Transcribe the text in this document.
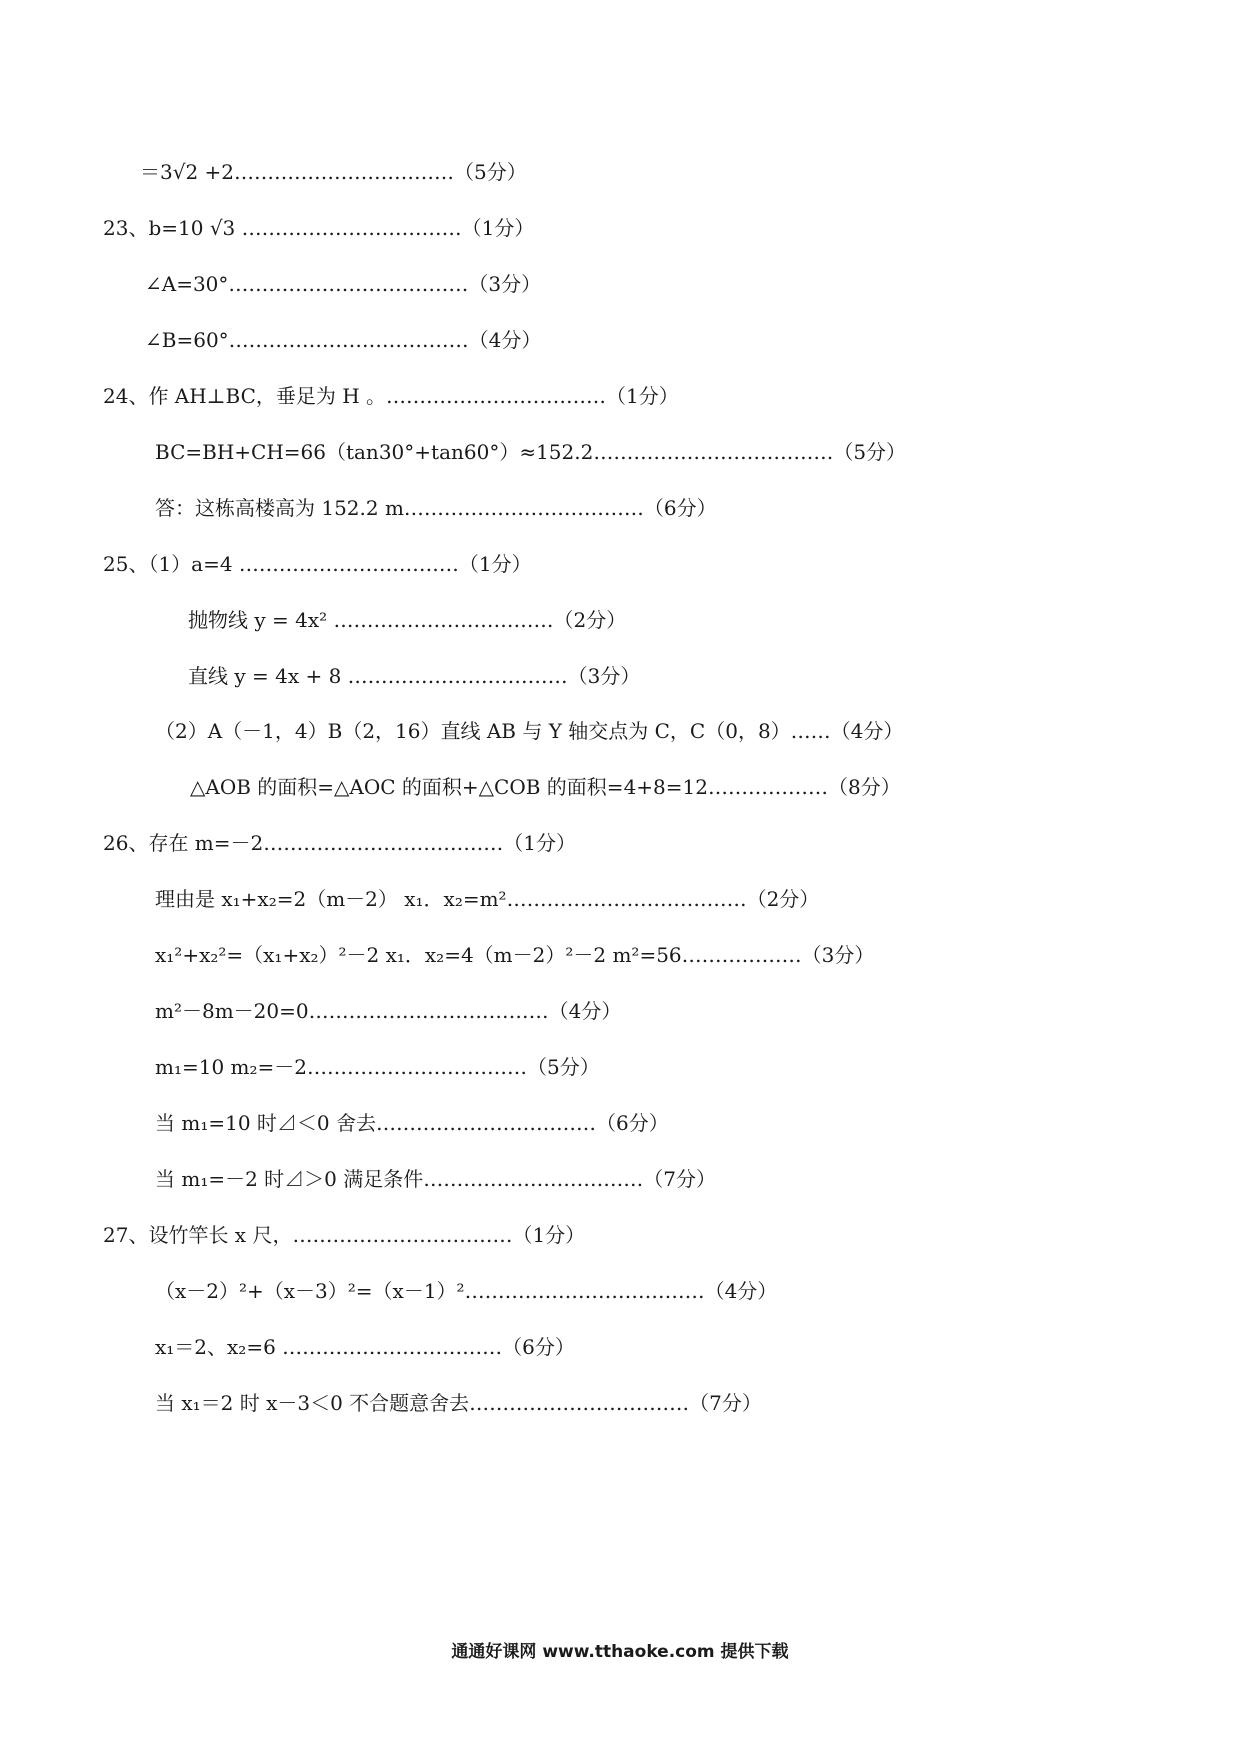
＝3√2 +2……………………………（5分）
23、b=10 √3 ……………………………（1分）
∠A=30°………………………………（3分）
∠B=60°………………………………（4分）
24、作 AH⊥BC，垂足为 H 。……………………………（1分）
BC=BH+CH=66（tan30°+tan60°）≈152.2………………………………（5分）
答：这栋高楼高为 152.2 m………………………………（6分）
25、（1）a=4 ……………………………（1分）
抛物线 y = 4x² ……………………………（2分）
直线 y = 4x + 8 ……………………………（3分）
（2）A（－1，4）B（2，16）直线 AB 与 Y 轴交点为 C，C（0，8）……（4分）
△AOB 的面积=△AOC 的面积+△COB 的面积=4+8=12………………（8分）
26、存在 m=－2………………………………（1分）
理由是 x₁+x₂=2（m－2） x₁．x₂=m²………………………………（2分）
x₁²+x₂²=（x₁+x₂）²－2 x₁．x₂=4（m－2）²－2 m²=56………………（3分）
m²－8m－20=0………………………………（4分）
m₁=10 m₂=－2……………………………（5分）
当 m₁=10 时⊿＜0 舍去……………………………（6分）
当 m₁=－2 时⊿＞0 满足条件……………………………（7分）
27、设竹竿长 x 尺，……………………………（1分）
（x－2）²+（x－3）²=（x－1）²………………………………（4分）
x₁＝2、x₂=6 ……………………………（6分）
当 x₁＝2 时 x－3＜0 不合题意舍去……………………………（7分）
通通好课网 www.tthaoke.com 提供下载
